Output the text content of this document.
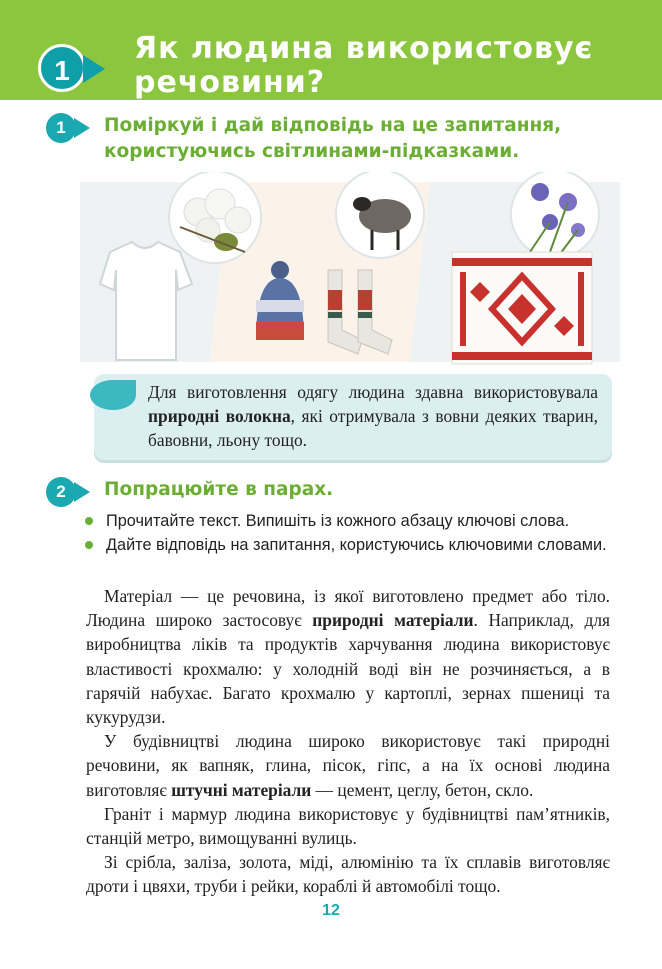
1
Як людина використовує
речовини?
1	Поміркуй і дай відповідь на це запитання,
користуючись світлинами-підказками.
Для виготовлення одягу людина здавна використовувала природні волокна, які отримувала з вовни деяких тварин, бавовни, льону тощо.
2	Попрацюйте в парах.
Прочитайте текст. Випишіть із кожного абзацу ключові слова.
Дайте відповідь на запитання, користуючись ключовими словами.

Матеріал — це речовина, із якої виготовлено предмет або тіло. Людина широко застосовує природні матеріали. Наприклад, для виробництва ліків та продуктів харчування людина використовує властивості крохмалю: у холодній воді він не розчиняється, а в гарячій набухає. Багато крохмалю у картоплі, зернах пшениці та кукурудзи.

У будівництві людина широко використовує такі природні речовини, як вапняк, глина, пісок, гіпс, а на їх основі людина виготовляє штучні матеріали — цемент, цеглу, бетон, скло.

Граніт і мармур людина використовує у будівництві пам’ятників, станцій метро, вимощуванні вулиць.

Зі срібла, заліза, золота, міді, алюмінію та їх сплавів виготовляє дроти і цвяхи, труби і рейки, кораблі й автомобілі тощо.

12
